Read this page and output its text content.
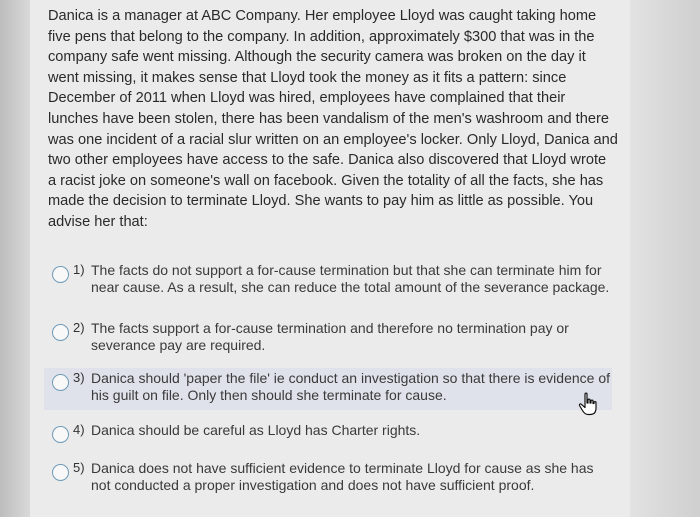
Danica is a manager at ABC Company. Her employee Lloyd was caught taking home five pens that belong to the company. In addition, approximately $300 that was in the company safe went missing. Although the security camera was broken on the day it went missing, it makes sense that Lloyd took the money as it fits a pattern: since December of 2011 when Lloyd was hired, employees have complained that their lunches have been stolen, there has been vandalism of the men's washroom and there was one incident of a racial slur written on an employee's locker. Only Lloyd, Danica and two other employees have access to the safe. Danica also discovered that Lloyd wrote a racist joke on someone's wall on facebook. Given the totality of all the facts, she has made the decision to terminate Lloyd. She wants to pay him as little as possible. You advise her that:

1) The facts do not support a for-cause termination but that she can terminate him for near cause. As a result, she can reduce the total amount of the severance package.
2) The facts support a for-cause termination and therefore no termination pay or severance pay are required.
3) Danica should 'paper the file' ie conduct an investigation so that there is evidence of his guilt on file. Only then should she terminate for cause.
4) Danica should be careful as Lloyd has Charter rights.
5) Danica does not have sufficient evidence to terminate Lloyd for cause as she has not conducted a proper investigation and does not have sufficient proof.
